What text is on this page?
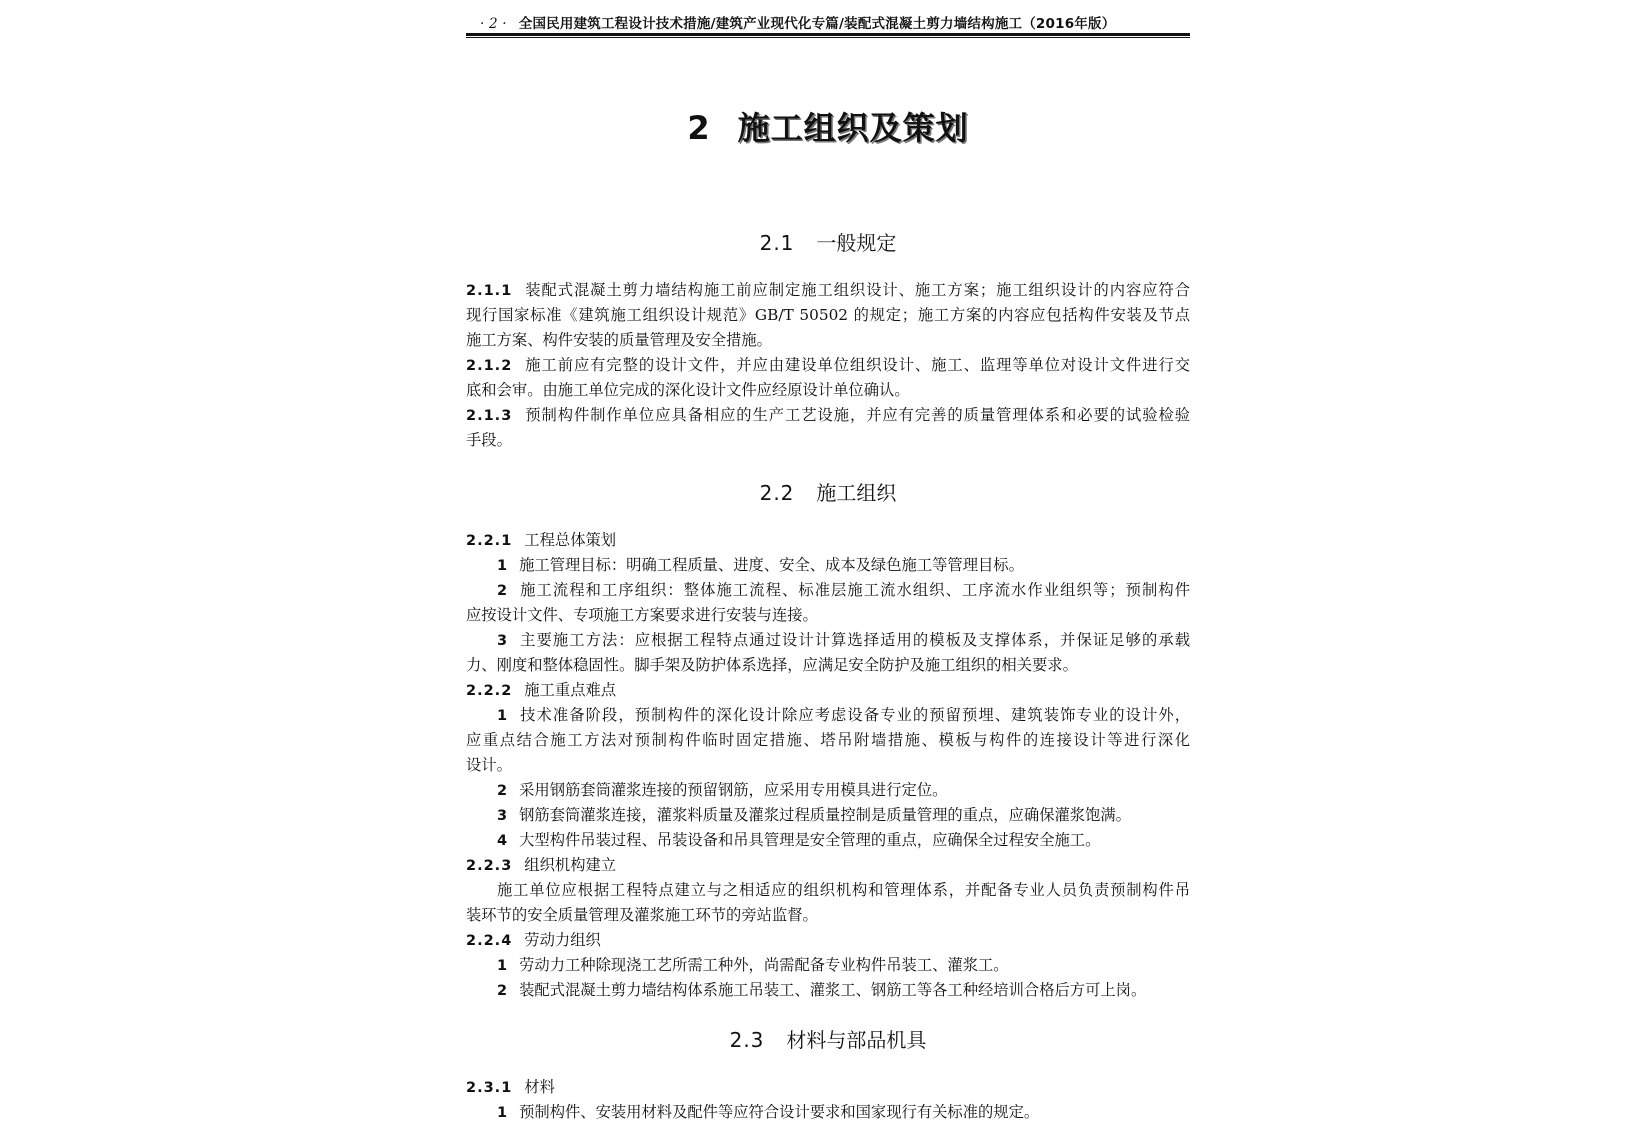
· 2 · 全国民用建筑工程设计技术措施/建筑产业现代化专篇/装配式混凝土剪力墙结构施工（2016年版）
2 施工组织及策划
2.1 一般规定
2.1.1 装配式混凝土剪力墙结构施工前应制定施工组织设计、施工方案；施工组织设计的内容应符合
现行国家标准《建筑施工组织设计规范》GB/T 50502 的规定；施工方案的内容应包括构件安装及节点
施工方案、构件安装的质量管理及安全措施。
2.1.2 施工前应有完整的设计文件，并应由建设单位组织设计、施工、监理等单位对设计文件进行交
底和会审。由施工单位完成的深化设计文件应经原设计单位确认。
2.1.3 预制构件制作单位应具备相应的生产工艺设施，并应有完善的质量管理体系和必要的试验检验
手段。
2.2 施工组织
2.2.1 工程总体策划
1 施工管理目标：明确工程质量、进度、安全、成本及绿色施工等管理目标。
2 施工流程和工序组织：整体施工流程、标准层施工流水组织、工序流水作业组织等；预制构件
应按设计文件、专项施工方案要求进行安装与连接。
3 主要施工方法：应根据工程特点通过设计计算选择适用的模板及支撑体系，并保证足够的承载
力、刚度和整体稳固性。脚手架及防护体系选择，应满足安全防护及施工组织的相关要求。
2.2.2 施工重点难点
1 技术准备阶段，预制构件的深化设计除应考虑设备专业的预留预埋、建筑装饰专业的设计外，
应重点结合施工方法对预制构件临时固定措施、塔吊附墙措施、模板与构件的连接设计等进行深化
设计。
2 采用钢筋套筒灌浆连接的预留钢筋，应采用专用模具进行定位。
3 钢筋套筒灌浆连接，灌浆料质量及灌浆过程质量控制是质量管理的重点，应确保灌浆饱满。
4 大型构件吊装过程、吊装设备和吊具管理是安全管理的重点，应确保全过程安全施工。
2.2.3 组织机构建立
施工单位应根据工程特点建立与之相适应的组织机构和管理体系，并配备专业人员负责预制构件吊
装环节的安全质量管理及灌浆施工环节的旁站监督。
2.2.4 劳动力组织
1 劳动力工种除现浇工艺所需工种外，尚需配备专业构件吊装工、灌浆工。
2 装配式混凝土剪力墙结构体系施工吊装工、灌浆工、钢筋工等各工种经培训合格后方可上岗。
2.3 材料与部品机具
2.3.1 材料
1 预制构件、安装用材料及配件等应符合设计要求和国家现行有关标准的规定。
